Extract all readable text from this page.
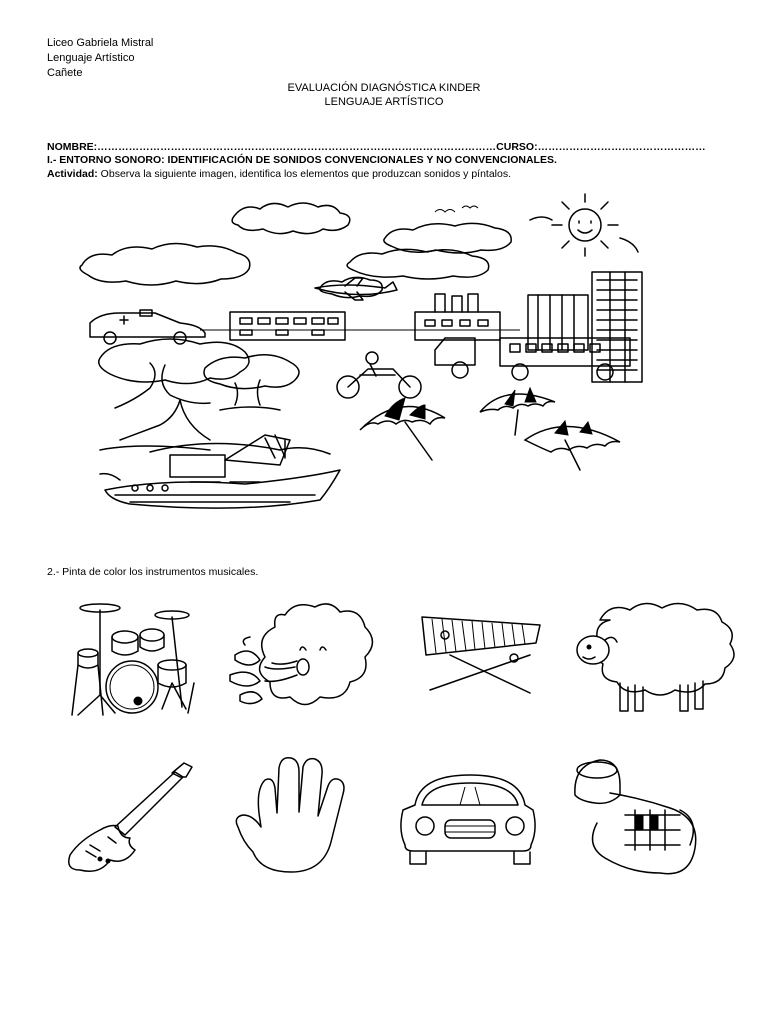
Liceo Gabriela Mistral
Lenguaje Artístico
Cañete
EVALUACIÓN DIAGNÓSTICA KINDER
LENGUAJE ARTÍSTICO
NOMBRE:……………………………………………………………………………………………………CURSO:…………………………………………
I.- ENTORNO SONORO: IDENTIFICACIÓN DE SONIDOS CONVENCIONALES Y NO CONVENCIONALES.
Actividad: Observa la siguiente imagen, identifica los elementos que produzcan sonidos y píntalos.
2.- Pinta de color los instrumentos musicales.
